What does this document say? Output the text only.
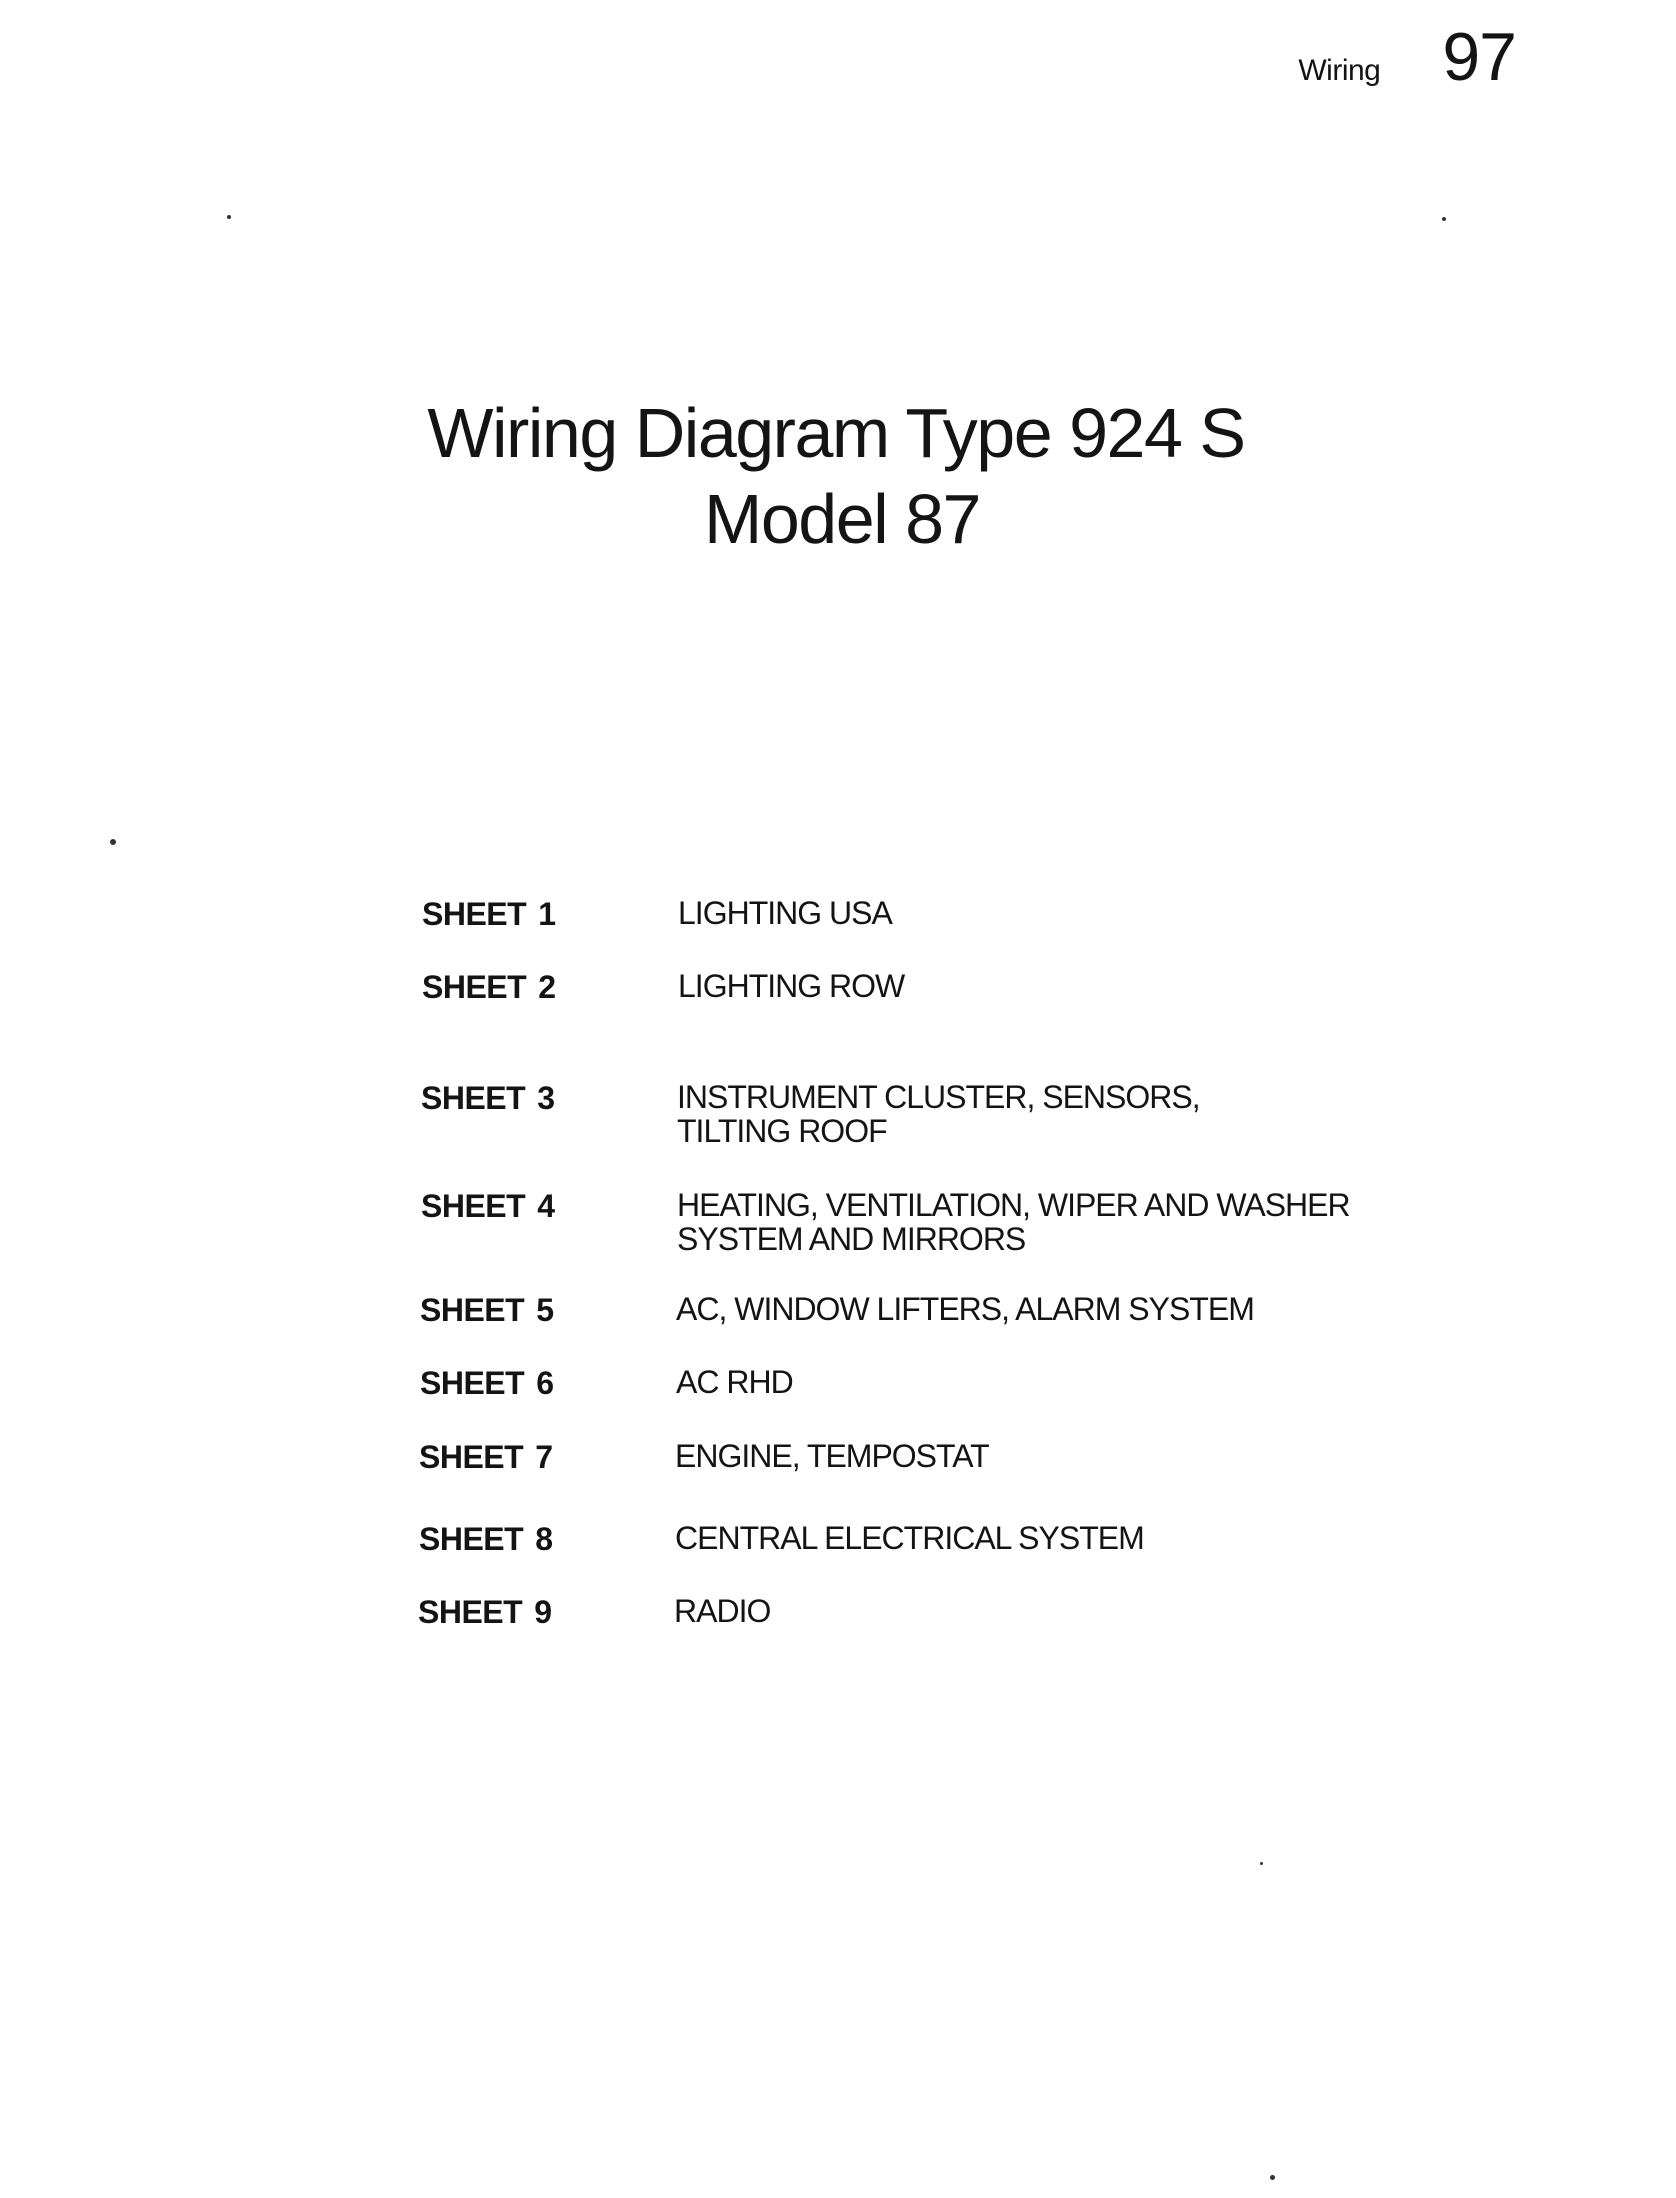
Wiring 97
Wiring Diagram Type 924 S
Model 87
SHEET 1	LIGHTING USA
SHEET 2	LIGHTING ROW
SHEET 3	INSTRUMENT CLUSTER, SENSORS,
TILTING ROOF
SHEET 4	HEATING, VENTILATION, WIPER AND WASHER
SYSTEM AND MIRRORS
SHEET 5	AC, WINDOW LIFTERS, ALARM SYSTEM
SHEET 6	AC RHD
SHEET 7	ENGINE, TEMPOSTAT
SHEET 8	CENTRAL ELECTRICAL SYSTEM
SHEET 9	RADIO
